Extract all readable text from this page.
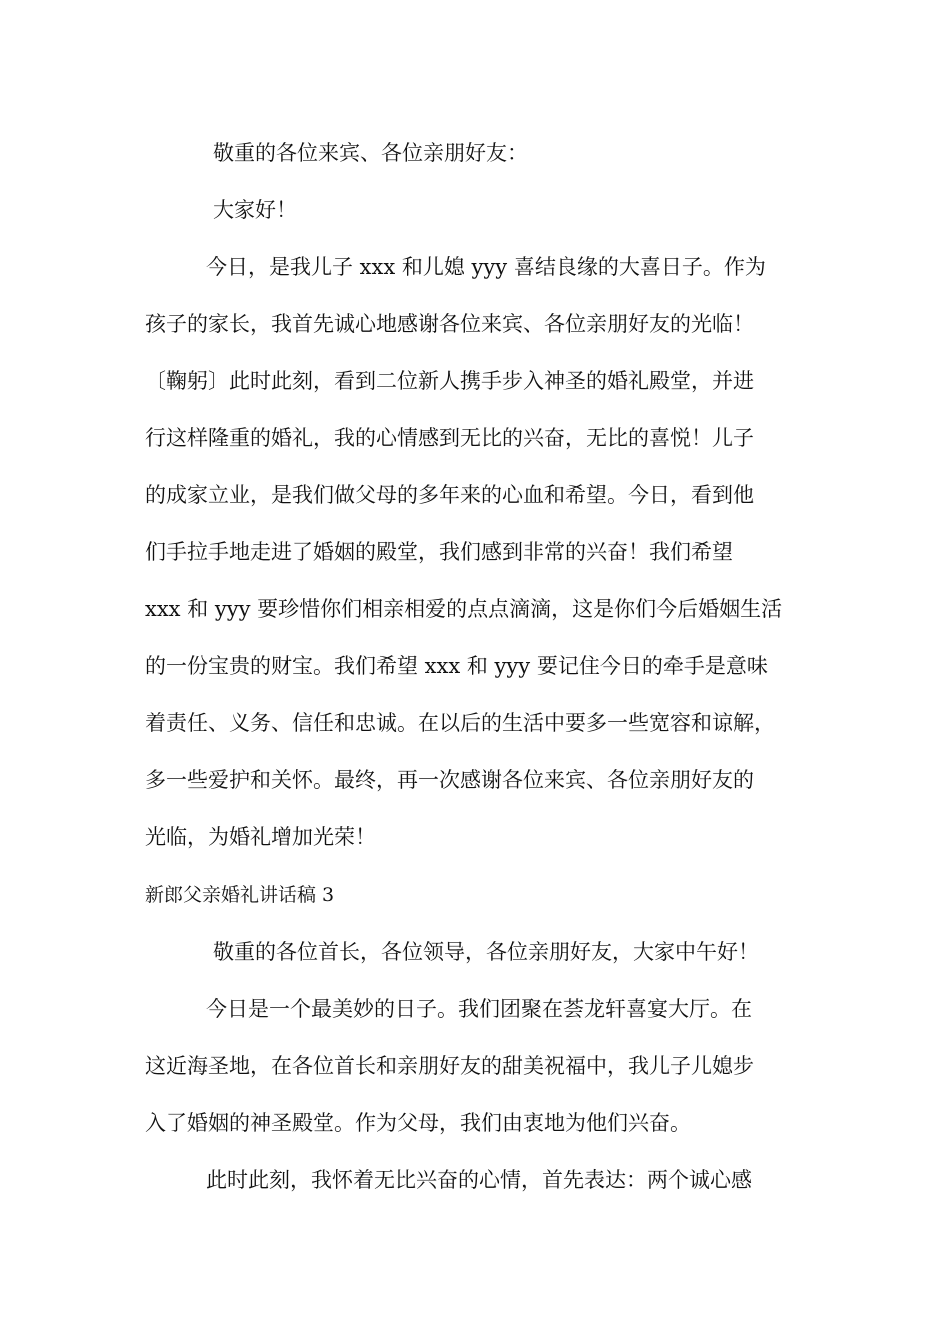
敬重的各位来宾、各位亲朋好友：
大家好！
今日，是我儿子 xxx 和儿媳 yyy 喜结良缘的大喜日子。作为
孩子的家长，我首先诚心地感谢各位来宾、各位亲朋好友的光临！
〔鞠躬〕此时此刻，看到二位新人携手步入神圣的婚礼殿堂，并进
行这样隆重的婚礼，我的心情感到无比的兴奋，无比的喜悦！儿子
的成家立业，是我们做父母的多年来的心血和希望。今日，看到他
们手拉手地走进了婚姻的殿堂，我们感到非常的兴奋！我们希望
xxx 和 yyy 要珍惜你们相亲相爱的点点滴滴，这是你们今后婚姻生活
的一份宝贵的财宝。我们希望 xxx 和 yyy 要记住今日的牵手是意味
着责任、义务、信任和忠诚。在以后的生活中要多一些宽容和谅解，
多一些爱护和关怀。最终，再一次感谢各位来宾、各位亲朋好友的
光临，为婚礼增加光荣！
新郎父亲婚礼讲话稿 3
敬重的各位首长，各位领导，各位亲朋好友，大家中午好！
今日是一个最美妙的日子。我们团聚在荟龙轩喜宴大厅。在
这近海圣地，在各位首长和亲朋好友的甜美祝福中，我儿子儿媳步
入了婚姻的神圣殿堂。作为父母，我们由衷地为他们兴奋。
此时此刻，我怀着无比兴奋的心情，首先表达：两个诚心感
